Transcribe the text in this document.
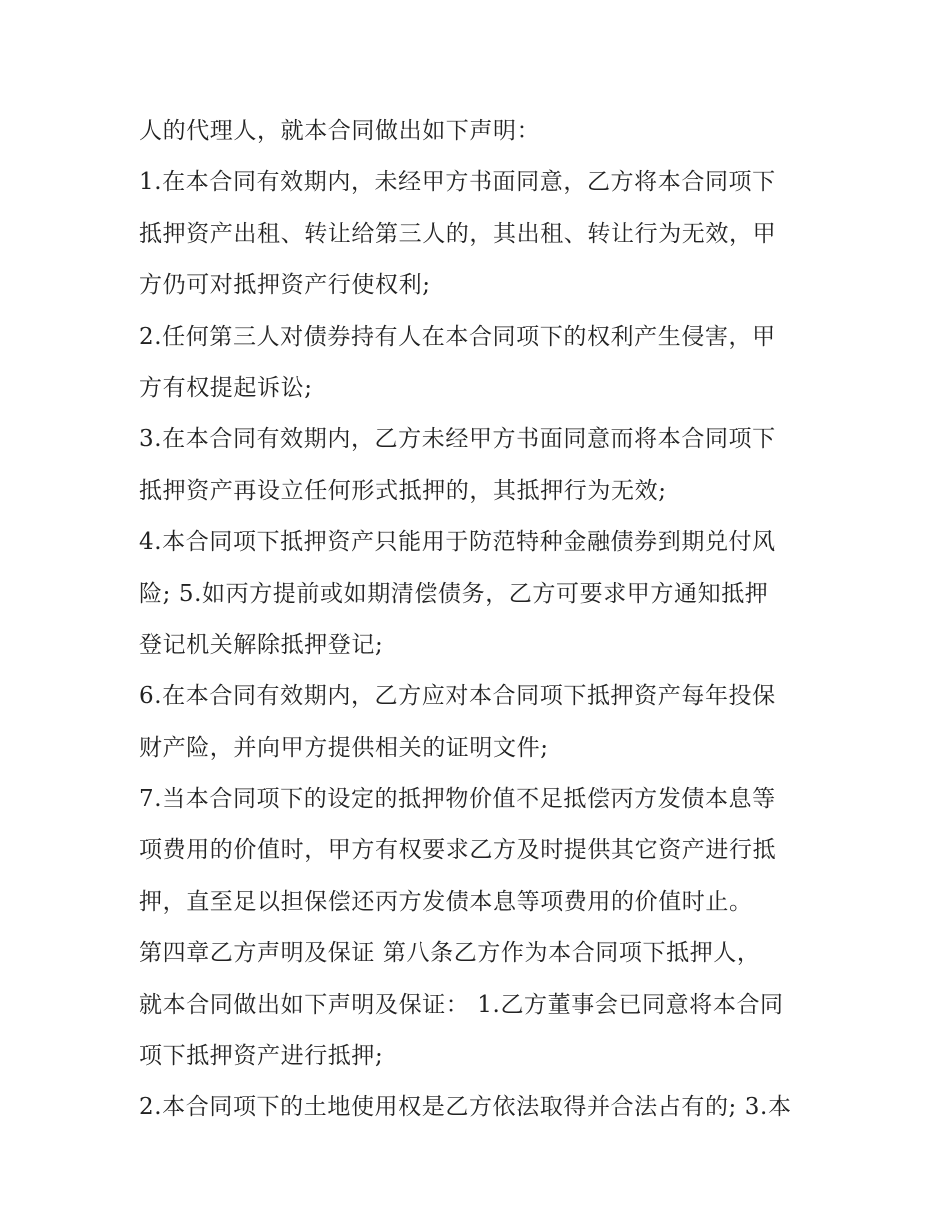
人的代理人，就本合同做出如下声明：
1.在本合同有效期内，未经甲方书面同意，乙方将本合同项下
抵押资产出租、转让给第三人的，其出租、转让行为无效，甲
方仍可对抵押资产行使权利;
2.任何第三人对债券持有人在本合同项下的权利产生侵害，甲
方有权提起诉讼;
3.在本合同有效期内，乙方未经甲方书面同意而将本合同项下
抵押资产再设立任何形式抵押的，其抵押行为无效;
4.本合同项下抵押资产只能用于防范特种金融债券到期兑付风
险; 5.如丙方提前或如期清偿债务，乙方可要求甲方通知抵押
登记机关解除抵押登记;
6.在本合同有效期内，乙方应对本合同项下抵押资产每年投保
财产险，并向甲方提供相关的证明文件;
7.当本合同项下的设定的抵押物价值不足抵偿丙方发债本息等
项费用的价值时，甲方有权要求乙方及时提供其它资产进行抵
押，直至足以担保偿还丙方发债本息等项费用的价值时止。
第四章乙方声明及保证 第八条乙方作为本合同项下抵押人，
就本合同做出如下声明及保证： 1.乙方董事会已同意将本合同
项下抵押资产进行抵押;
2.本合同项下的土地使用权是乙方依法取得并合法占有的; 3.本
